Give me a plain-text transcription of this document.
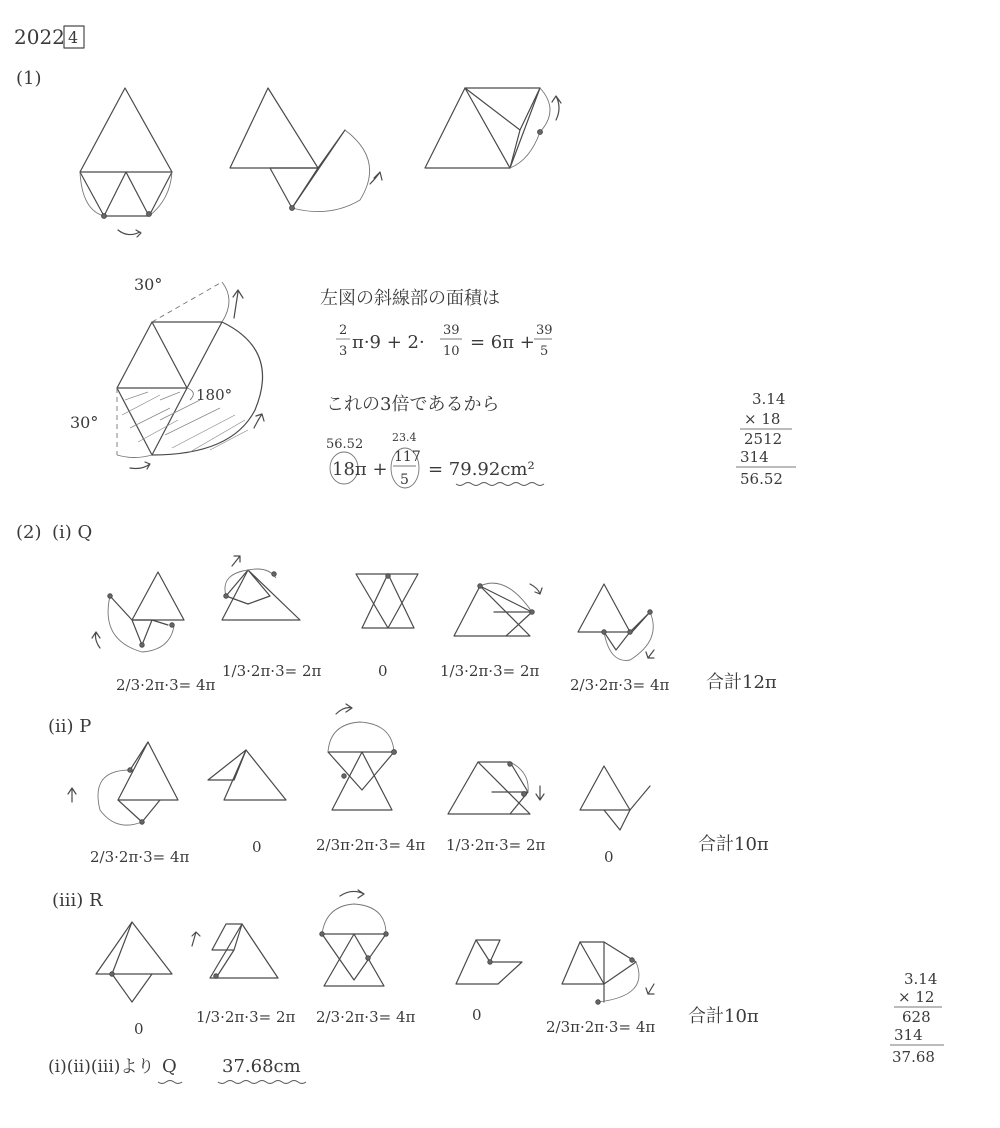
2022 4
(1)
30°
30°
180°
左図の斜線部の面積は
2
3 π·9 + 2·
39
10 = 6π +
39
5
これの3倍であるから
56.52	23.4
18π +
117
5 = 79.92cm²
3.14
× 18
2512
314
56.52
(2) (i) Q
2/3·2π·3= 4π
1/3·2π·3= 2π	0	1/3·2π·3= 2π
2/3·2π·3= 4π 合計12π
(ii) P
2/3·2π·3= 4π
0	2/3π·2π·3= 4π 1/3·2π·3= 2π
0
合計10π
(iii) R
0
1/3·2π·3= 2π 2/3·2π·3= 4π	0
2/3π·2π·3= 4π 合計10π
(i)(ii)(iii)より Q	37.68cm
3.14
× 12
628
314
37.68
